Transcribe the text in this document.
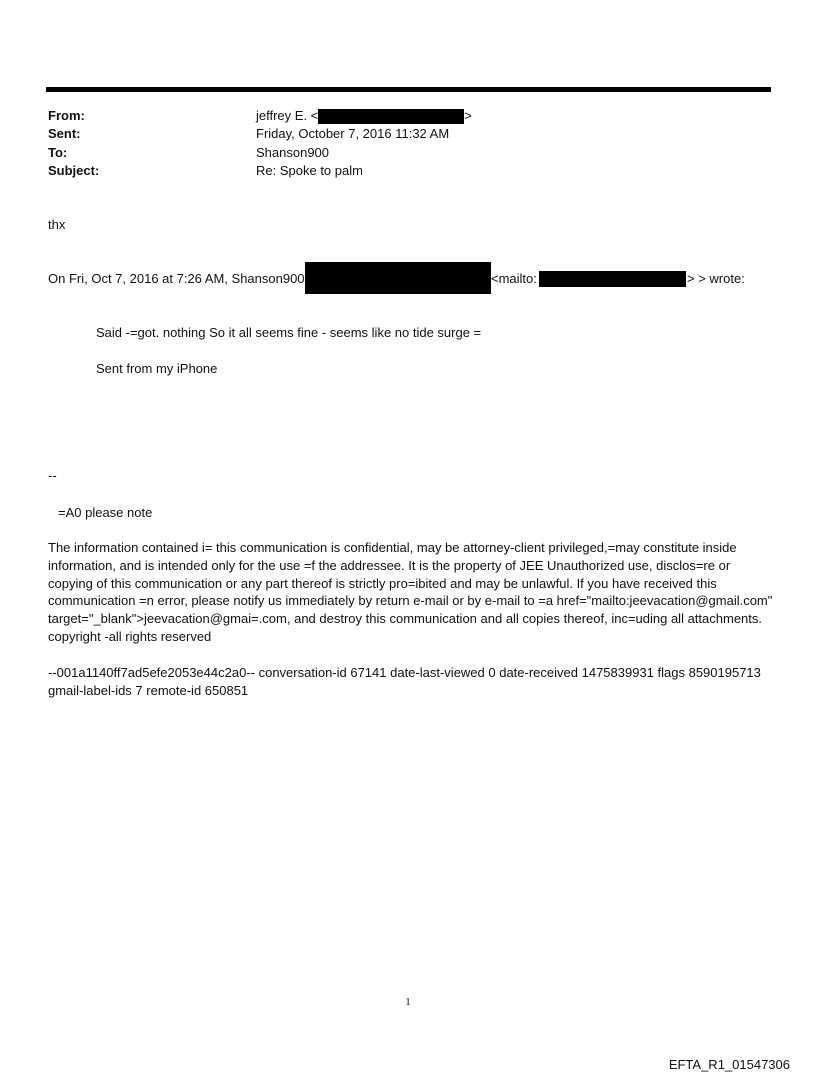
From:	jeffrey E. <	>
Sent:	Friday, October 7, 2016 11:32 AM
To:	Shanson900
Subject:	Re: Spoke to palm
thx
On Fri, Oct 7, 2016 at 7:26 AM, Shanson900	<mailto:	> > wrote:
Said -=got. nothing So it all seems fine - seems like no tide surge =
Sent from my iPhone
--
=A0 please note
The information contained i= this communication is confidential, may be attorney-client privileged,=may constitute inside information, and is intended only for the use =f the addressee. It is the property of JEE Unauthorized use, disclos=re or copying of this communication or any part thereof is strictly pro=ibited and may be unlawful. If you have received this communication =n error, please notify us immediately by return e-mail or by e-mail to =a href="mailto:jeevacation@gmail.com" target="_blank">jeevacation@gmai=.com, and destroy this communication and all copies thereof, inc=uding all attachments. copyright -all rights reserved
--001a1140ff7ad5efe2053e44c2a0-- conversation-id 67141 date-last-viewed 0 date-received 1475839931 flags 8590195713 gmail-label-ids 7 remote-id 650851
1
EFTA_R1_01547306
